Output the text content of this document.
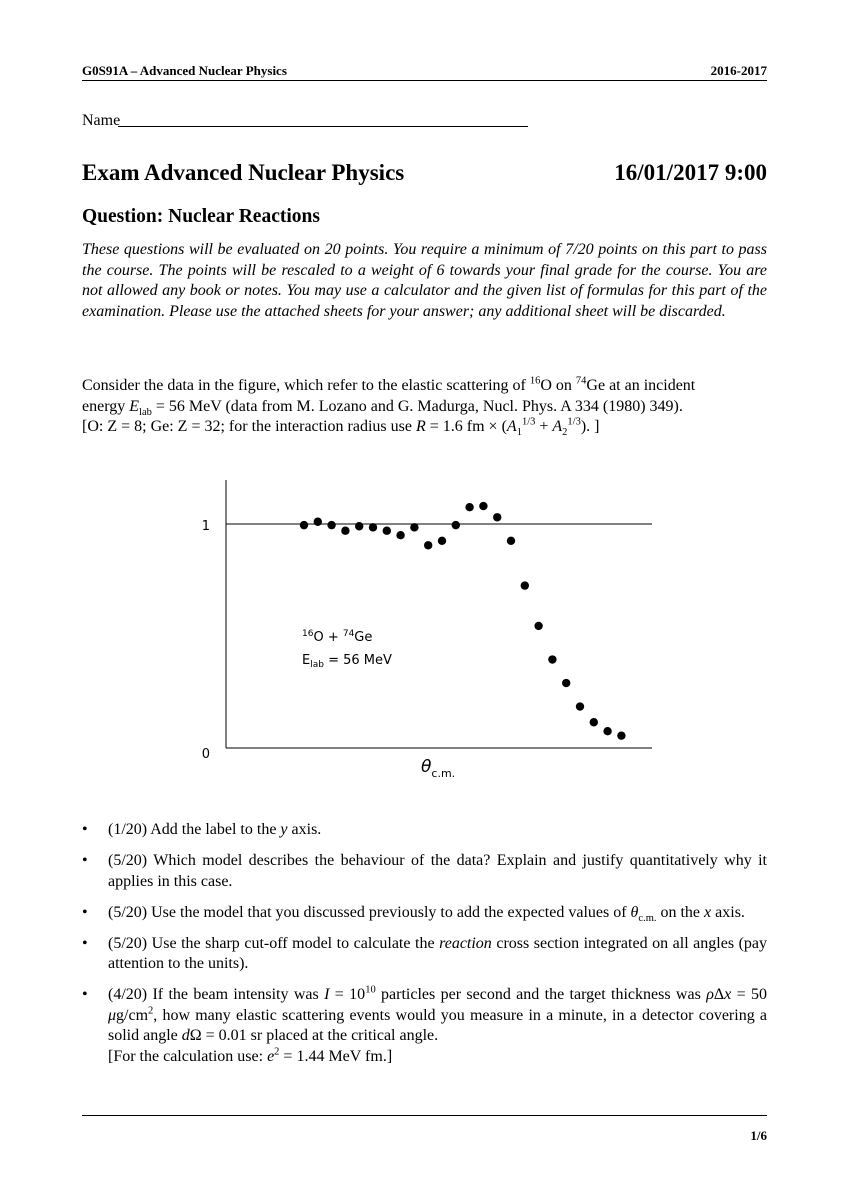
G0S91A – Advanced Nuclear Physics	2016-2017
Name
Exam Advanced Nuclear Physics	16/01/2017 9:00
Question: Nuclear Reactions

These questions will be evaluated on 20 points. You require a minimum of 7/20 points on this part to pass the course. The points will be rescaled to a weight of 6 towards your final grade for the course. You are not allowed any book or notes. You may use a calculator and the given list of formulas for this part of the examination. Please use the attached sheets for your answer; any additional sheet will be discarded.

Consider the data in the figure, which refer to the elastic scattering of $^{16}$O on $^{74}$Ge at an incident

energy $E_{lab} = 56$ MeV (data from M. Lozano and G. Madurga, Nucl. Phys. A 334 (1980) 349).

[O: Z = 8; Ge: Z = 32; for the interaction radius use R = 1.6 fm × $(A_1^{1/3} + A_2^{1/3})$. ]

1
0
$\theta_{c.m.}$
$^{16}$O + $^{74}$Ge
$E_{lab} = 56$ MeV
• (1/20) Add the label to the y axis.
• (5/20) Which model describes the behaviour of the data? Explain and justify quantitatively why it applies in this case.
• (5/20) Use the model that you discussed previously to add the expected values of $\theta_{c.m.}$ on the x axis.
• (5/20) Use the sharp cut-off model to calculate the reaction cross section integrated on all angles (pay attention to the units).
• (4/20) If the beam intensity was $I = 10^{10}$ particles per second and the target thickness was ρΔx = 50 $\mu g/cm^2$, how many elastic scattering events would you measure in a minute, in a detector covering a solid angle dΩ = 0.01 sr placed at the critical angle.
[For the calculation use: $e^2 = 1.44$ MeV fm.]
1/6
